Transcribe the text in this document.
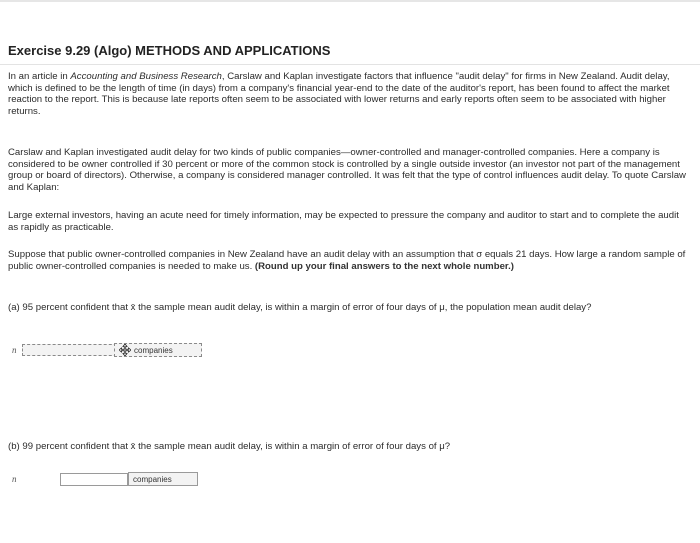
Exercise 9.29 (Algo) METHODS AND APPLICATIONS
In an article in Accounting and Business Research, Carslaw and Kaplan investigate factors that influence "audit delay" for firms in New Zealand. Audit delay, which is defined to be the length of time (in days) from a company's financial year-end to the date of the auditor's report, has been found to affect the market reaction to the report. This is because late reports often seem to be associated with lower returns and early reports often seem to be associated with higher returns.
Carslaw and Kaplan investigated audit delay for two kinds of public companies—owner-controlled and manager-controlled companies. Here a company is considered to be owner controlled if 30 percent or more of the common stock is controlled by a single outside investor (an investor not part of the management group or board of directors). Otherwise, a company is considered manager controlled. It was felt that the type of control influences audit delay. To quote Carslaw and Kaplan:
Large external investors, having an acute need for timely information, may be expected to pressure the company and auditor to start and to complete the audit as rapidly as practicable.
Suppose that public owner-controlled companies in New Zealand have an audit delay with an assumption that σ equals 21 days. How large a random sample of public owner-controlled companies is needed to make us. (Round up your final answers to the next whole number.)
(a) 95 percent confident that x̄ the sample mean audit delay, is within a margin of error of four days of μ, the population mean audit delay?
n	companies
(b) 99 percent confident that x̄ the sample mean audit delay, is within a margin of error of four days of μ?
n	companies
